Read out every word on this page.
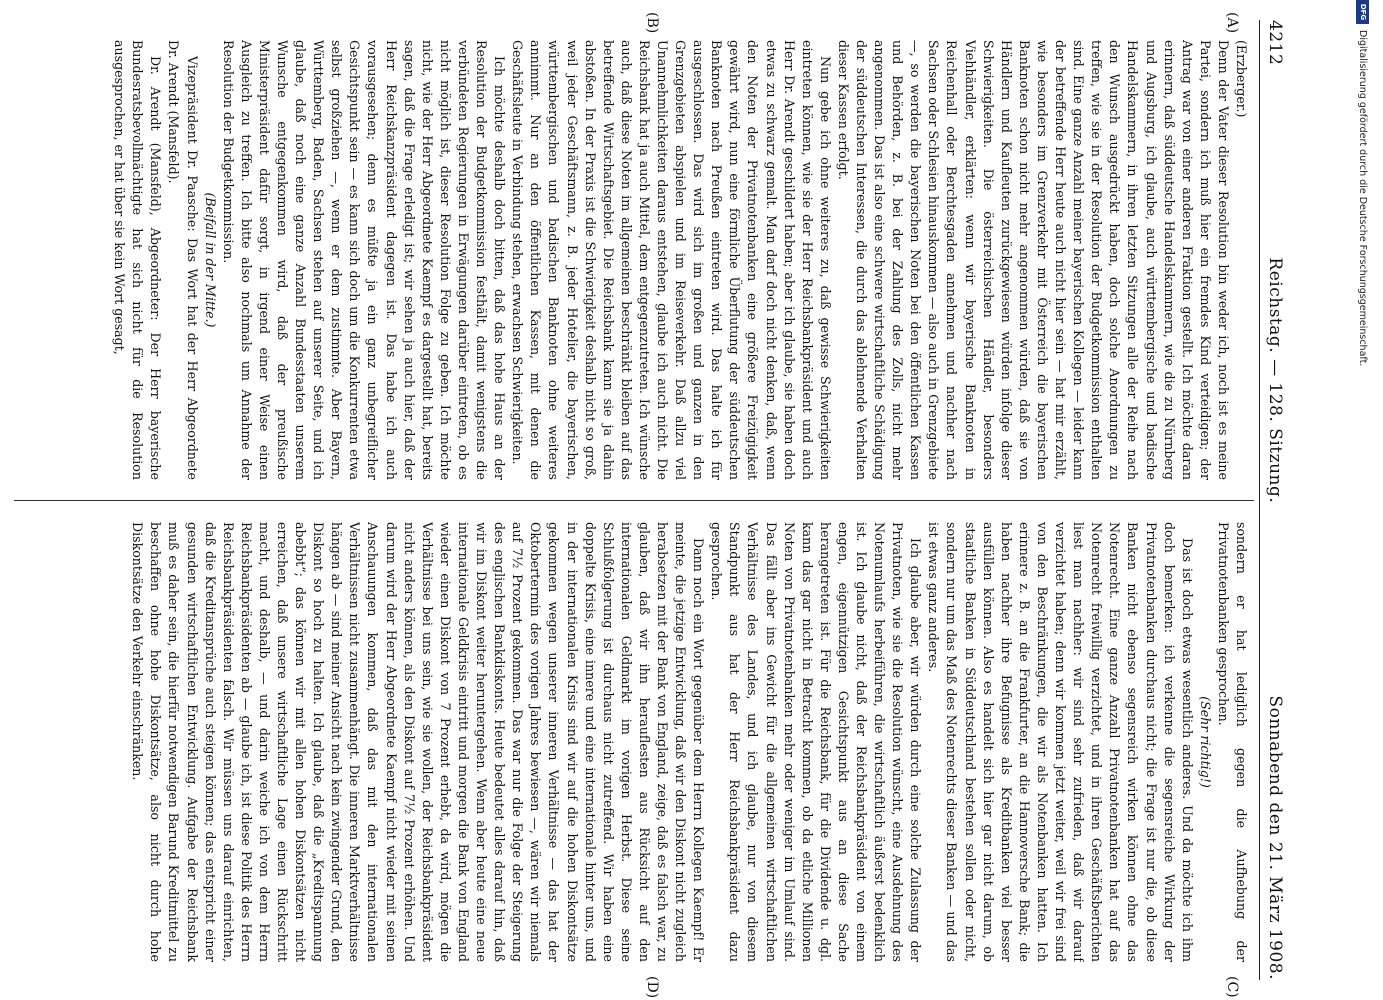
4212
Reichstag. — 128. Sitzung.
Sonnabend den 21. März 1908.
(A)
(B)
(C)
(D)

(Erzberger.)

Denn der Vater dieser Resolution bin weder ich, noch ist es meine Partei, sondern ich muß hier ein fremdes Kind verteidigen; der Antrag war von einer anderen Fraktion gestellt. Ich möchte daran erinnern, daß süddeutsche Handelskammern, wie die zu Nürnberg und Augsburg, ich glaube, auch württembergische und badische Handelskammern, in ihren letzten Sitzungen alle der Reihe nach den Wunsch ausgedrückt haben, doch solche Anordnungen zu treffen, wie sie in der Resolution der Budgetkommission enthalten sind. Eine ganze Anzahl meiner bayerischen Kollegen — leider kann der betreffende Herr heute auch nicht hier sein — hat mir erzählt, wie besonders im Grenzverkehr mit Österreich die bayerischen Banknoten schon nicht mehr angenommen würden, daß sie von Händlern und Kaufleuten zurückgewiesen würden infolge dieser Schwierigkeiten. Die österreichischen Händler, besonders Viehhändler, erklärten: wenn wir bayerische Banknoten in Reichenhall oder Berchtesgaden annehmen und nachher nach Sachsen oder Schlesien hinauskommen — also auch in Grenzgebiete —, so werden die bayerischen Noten bei den öffentlichen Kassen und Behörden, z. B. bei der Zahlung des Zolls, nicht mehr angenommen. Das ist also eine schwere wirtschaftliche Schädigung der süddeutschen Interessen, die durch das ablehnende Verhalten dieser Kassen erfolgt.

Nun gebe ich ohne weiteres zu, daß gewisse Schwierigkeiten eintreten können, wie sie der Herr Reichsbankpräsident und auch Herr Dr. Arendt geschildert haben; aber ich glaube, sie haben doch etwas zu schwarz gemalt. Man darf doch nicht denken, daß, wenn den Noten der Privatnotenbanken eine größere Freizügigkeit gewährt wird, nun eine förmliche Überflutung der süddeutschen Banknoten nach Preußen eintreten wird. Das halte ich für ausgeschlossen. Das wird sich im großen und ganzen in den Grenzgebieten abspielen und im Reiseverkehr. Daß allzu viel Unannehmlichkeiten daraus entstehen, glaube ich auch nicht. Die Reichsbank hat ja auch Mittel, dem entgegenzutreten. Ich wünsche auch, daß diese Noten im allgemeinen beschränkt bleiben auf das betreffende Wirtschaftsgebiet. Die Reichsbank kann sie ja dahin abstoßen. In der Praxis ist die Schwierigkeit deshalb nicht so groß, weil jeder Geschäftsmann, z. B. jeder Hotelier, die bayerischen, württembergischen und badischen Banknoten ohne weiteres annimmt. Nur an den öffentlichen Kassen, mit denen die Geschäftsleute in Verbindung stehen, erwachsen Schwierigkeiten.

Ich möchte deshalb doch bitten, daß das hohe Haus an der Resolution der Budgetkommission festhält, damit wenigstens die verbündeten Regierungen in Erwägungen darüber eintreten, ob es nicht möglich ist, dieser Resolution Folge zu geben. Ich möchte nicht, wie der Herr Abgeordnete Kaempf es dargestellt hat, bereits sagen, daß die Frage erledigt ist; wir sehen ja auch hier, daß der Herr Reichskanzpräsident dagegen ist. Das habe ich auch vorausgesehen; denn es müßte ja ein ganz unbegreiflicher Gesichtspunkt sein — es kann sich doch um die Konkurrenten etwa selbst großziehen —, wenn er dem zustimmte. Aber Bayern, Württemberg, Baden, Sachsen stehen auf unserer Seite, und ich glaube, daß noch eine ganze Anzahl Bundesstaaten unserem Wunsche entgegenkommen wird, daß der preußische Ministerpräsident dafür sorgt, in irgend einer Weise einen Ausgleich zu treffen. Ich bitte also nochmals um Annahme der Resolution der Budgetkommission.

(Beifall in der Mitte.)

Vizepräsident Dr. Paasche: Das Wort hat der Herr Abgeordnete Dr. Arendt (Mansfeld).

Dr. Arendt (Mansfeld), Abgeordneter: Der Herr bayerische Bundesratsbevollmächtigte hat sich nicht für die Resolution ausgesprochen, er hat über sie kein Wort gesagt,

sondern er hat lediglich gegen die Aufhebung der Privatnotenbanken gesprochen.

(Sehr richtig!)

Das ist doch etwas wesentlich anderes. Und da möchte ich ihm doch bemerken: ich verkenne die segensreiche Wirkung der Privatnotenbanken durchaus nicht; die Frage ist nur die, ob diese Banken nicht ebenso segensreich wirken können ohne das Notenrecht. Eine ganze Anzahl Privatnotenbanken hat auf das Notenrecht freiwillig verzichtet, und in ihren Geschäftsberichten liest man nachher: wir sind sehr zufrieden, daß wir darauf verzichtet haben; denn wir kommen jetzt weiter, weil wir frei sind von den Beschränkungen, die wir als Notenbanken hatten. Ich erinnere z. B. an die Frankfurter, an die Hannoversche Bank; die haben nachher ihre Befugnisse als Kreditbanken viel besser ausfüllen können. Also es handelt sich hier gar nicht darum, ob staatliche Banken in Süddeutschland bestehen sollen oder nicht, sondern nur um das Maß des Notenrechts dieser Banken — und das ist etwas ganz anderes.

Ich glaube aber, wir würden durch eine solche Zulassung der Privatnoten, wie sie die Resolution wünscht, eine Ausdehnung des Notenumlaufs herbeiführen, die wirtschaftlich äußerst bedenklich ist. Ich glaube nicht, daß der Reichsbankpräsident von einem engen, eigennützigen Gesichtspunkt aus an diese Sache herangetreten ist. Für die Reichsbank, für die Dividende u. dgl. kann das gar nicht in Betracht kommen, ob da etliche Millionen Noten von Privatnotenbanken mehr oder weniger im Umlauf sind. Das fällt aber ins Gewicht für die allgemeinen wirtschaftlichen Verhältnisse des Landes, und ich glaube, nur von diesem Standpunkt aus hat der Herr Reichsbankpräsident dazu gesprochen.

Dann noch ein Wort gegenüber dem Herrn Kollegen Kaempf! Er meinte, die jetzige Entwicklung, daß wir den Diskont nicht zugleich herabsetzen mit der Bank von England, zeige, daß es falsch war, zu glauben, daß wir ihn herauflesten aus Rücksicht auf den internationalen Geldmarkt im vorigen Herbst. Diese seine Schlußfolgerung ist durchaus nicht zutreffend. Wir haben eine doppelte Krisis, eine innere und eine internationale hinter uns, und in der internationalen Krisis sind wir auf die hohen Diskontsätze gekommen wegen unserer inneren Verhältnisse — das hat der Oktobertermin des vorigen Jahres bewiesen —, wären wir niemals auf 7½ Prozent gekommen. Das war nur die Folge der Steigerung des englischen Bankdiskonts. Heute bedeutet alles darauf hin, daß wir im Diskont weiter heruntergehen. Wenn aber heute eine neue internationale Geldkrisis eintritt und morgen die Bank von England wieder einen Diskont von 7 Prozent erhebt, da wird, mögen die Verhältnisse bei uns sein, wie sie wollen, der Reichsbankpräsident nicht anders können, als den Diskont auf 7½ Prozent erhöhen. Und darum wird der Herr Abgeordnete Kaempf nicht wieder mit seinen Anschauungen kommen, daß das mit den internationalen Verhältnissen nicht zusammenhängt. Die inneren Marktverhältnisse hängen ab — sind meiner Ansicht nach kein zwingender Grund, den Diskont so hoch zu halten. Ich glaube, daß die „Kreditspannung abebbt“; das können wir mit allen hohen Diskontsätzen nicht erreichen, daß unsere wirtschaftliche Lage einen Rückschritt macht, und deshalb, — und darin weiche ich von dem Herrn Reichsbankpräsidenten ab — glaube ich, ist diese Politik des Herrn Reichsbankpräsidenten falsch. Wir müssen uns darauf einrichten, daß die Kreditansprüche auch steigen können; das entspricht einer gesunden wirtschaftlichen Entwicklung. Aufgabe der Reichsbank muß es daher sein, die hierfür notwendigen Barund Kreditmittel zu beschaffen ohne hohe Diskontsätze, also nicht durch hohe Diskontsätze den Verkehr einschränken.

DFG
Digitalisierung gefördert durch die Deutsche Forschungsgemeinschaft.
